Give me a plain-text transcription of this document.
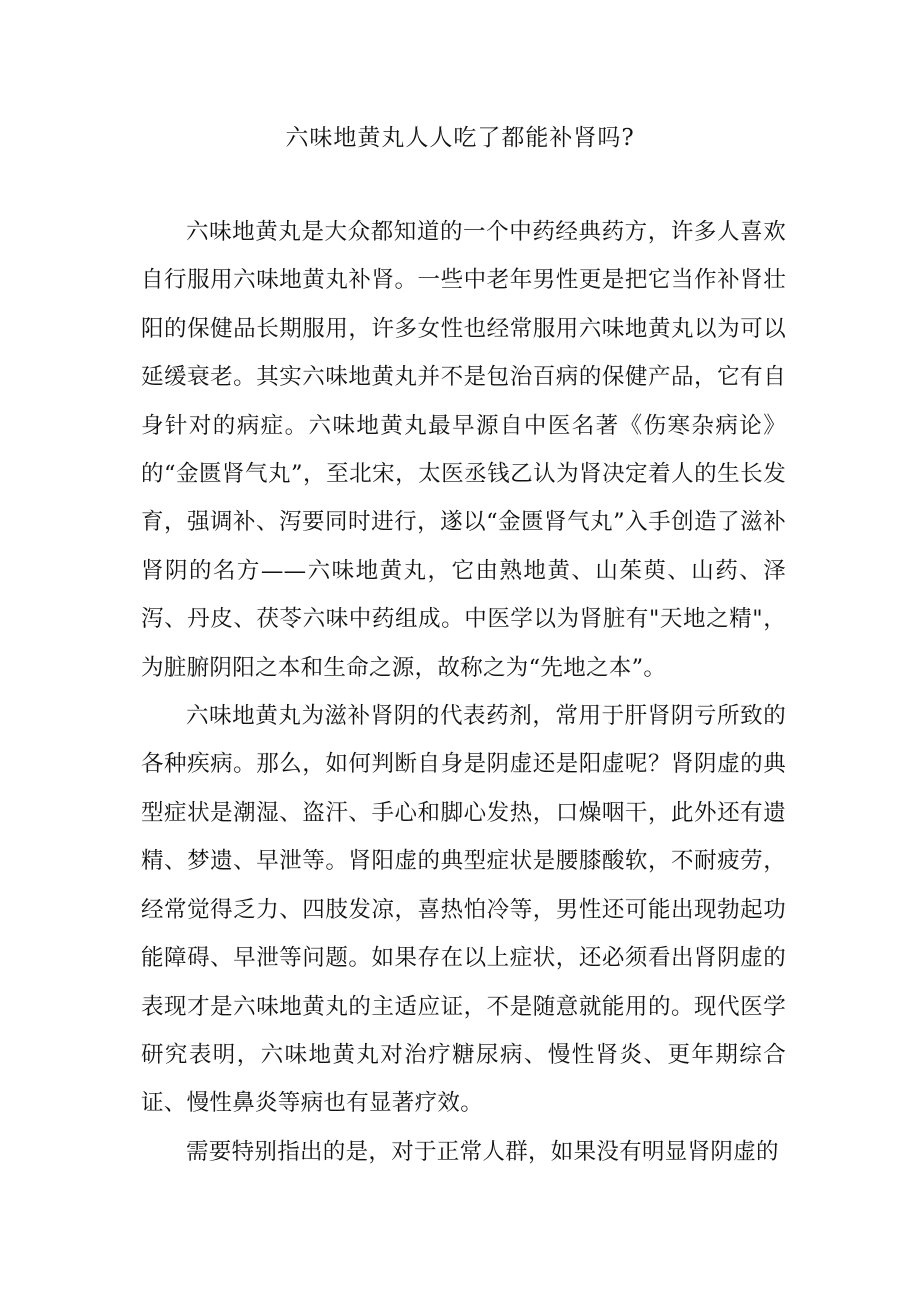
六味地黄丸人人吃了都能补肾吗?

六味地黄丸是大众都知道的一个中药经典药方，许多人喜欢自行服用六味地黄丸补肾。一些中老年男性更是把它当作补肾壮阳的保健品长期服用，许多女性也经常服用六味地黄丸以为可以延缓衰老。其实六味地黄丸并不是包治百病的保健产品，它有自身针对的病症。六味地黄丸最早源自中医名著《伤寒杂病论》的“金匮肾气丸”，至北宋，太医丞钱乙认为肾决定着人的生长发育，强调补、泻要同时进行，遂以“金匮肾气丸”入手创造了滋补肾阴的名方——六味地黄丸，它由熟地黄、山茱萸、山药、泽泻、丹皮、茯苓六味中药组成。中医学以为肾脏有"天地之精"，为脏腑阴阳之本和生命之源，故称之为“先地之本”。

六味地黄丸为滋补肾阴的代表药剂，常用于肝肾阴亏所致的各种疾病。那么，如何判断自身是阴虚还是阳虚呢？肾阴虚的典型症状是潮湿、盗汗、手心和脚心发热，口燥咽干，此外还有遗精、梦遗、早泄等。肾阳虚的典型症状是腰膝酸软，不耐疲劳，经常觉得乏力、四肢发凉，喜热怕冷等，男性还可能出现勃起功能障碍、早泄等问题。如果存在以上症状，还必须看出肾阴虚的表现才是六味地黄丸的主适应证，不是随意就能用的。现代医学研究表明，六味地黄丸对治疗糖尿病、慢性肾炎、更年期综合证、慢性鼻炎等病也有显著疗效。

需要特别指出的是，对于正常人群，如果没有明显肾阴虚的
